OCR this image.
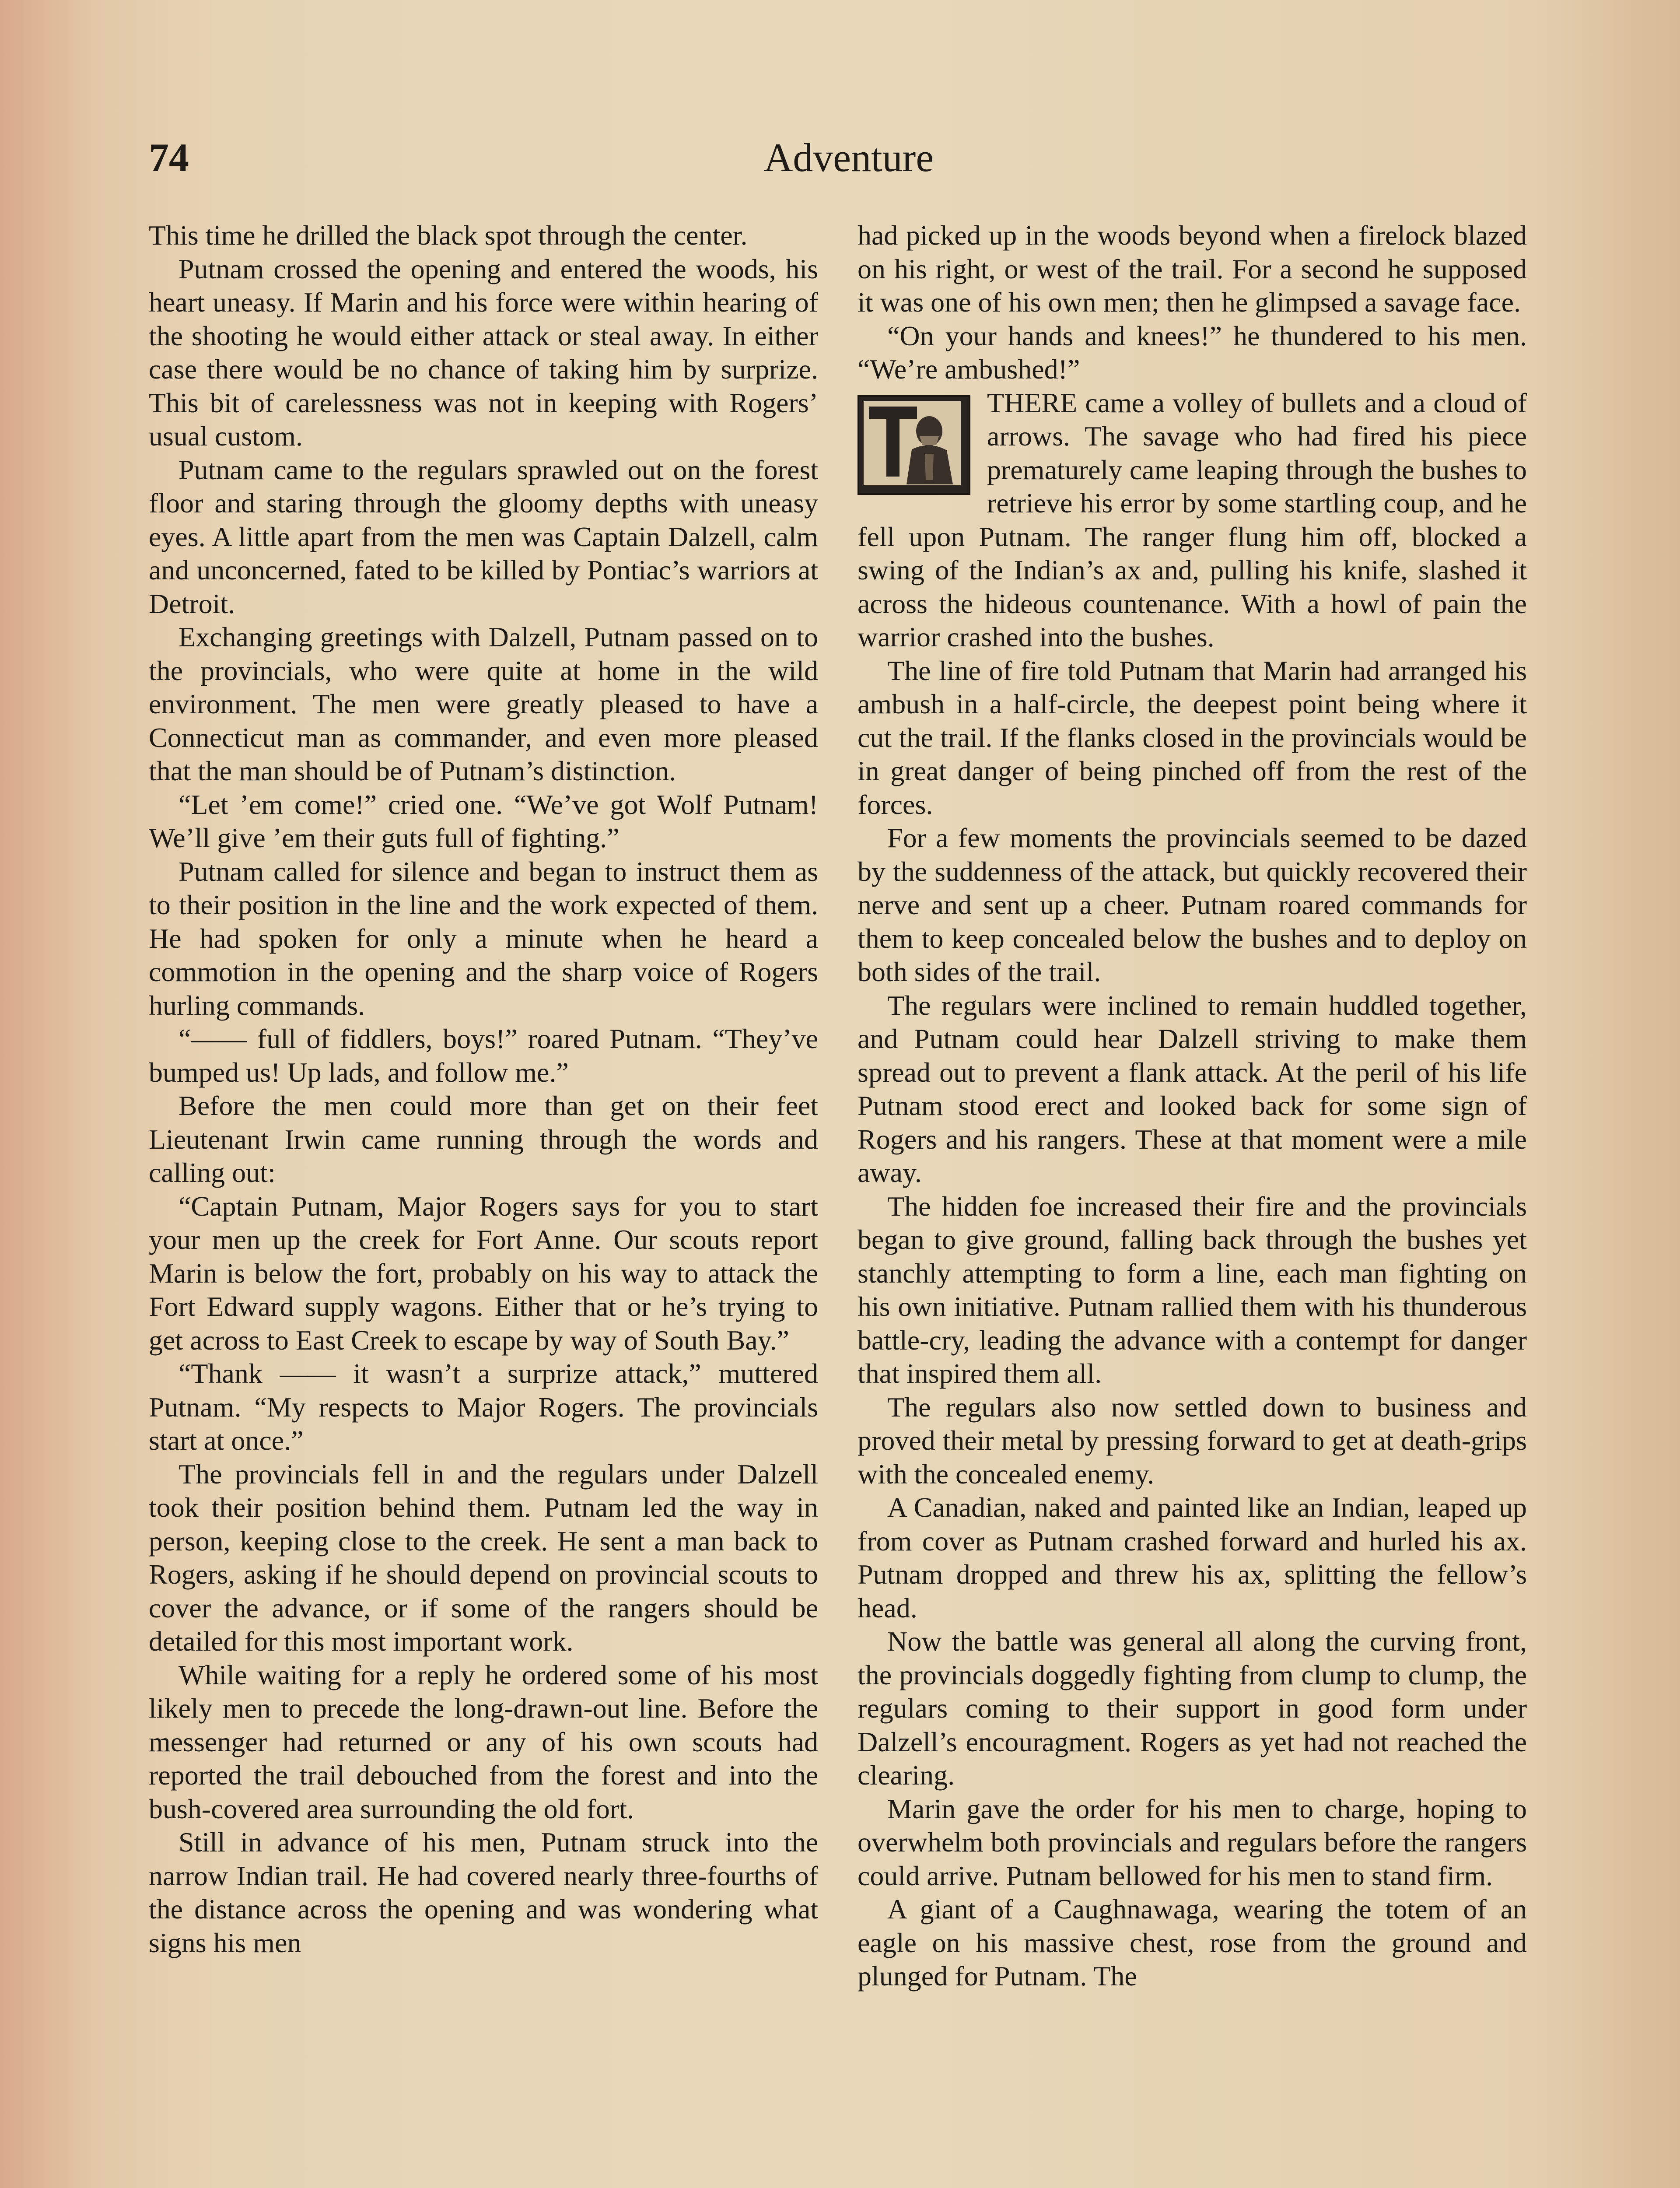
74	Adventure

This time he drilled the black spot through the center.

Putnam crossed the opening and entered the woods, his heart uneasy. If Marin and his force were within hearing of the shooting he would either attack or steal away. In either case there would be no chance of taking him by surprize. This bit of carelessness was not in keeping with Rogers’ usual custom.

Putnam came to the regulars sprawled out on the forest floor and staring through the gloomy depths with uneasy eyes. A little apart from the men was Captain Dalzell, calm and unconcerned, fated to be killed by Pontiac’s warriors at Detroit.

Exchanging greetings with Dalzell, Putnam passed on to the provincials, who were quite at home in the wild environment. The men were greatly pleased to have a Connecticut man as commander, and even more pleased that the man should be of Putnam’s distinction.

“Let ’em come!” cried one. “We’ve got Wolf Putnam! We’ll give ’em their guts full of fighting.”

Putnam called for silence and began to instruct them as to their position in the line and the work expected of them. He had spoken for only a minute when he heard a commotion in the opening and the sharp voice of Rogers hurling commands.

“—— full of fiddlers, boys!” roared Putnam. “They’ve bumped us! Up lads, and follow me.”

Before the men could more than get on their feet Lieutenant Irwin came running through the words and calling out:

“Captain Putnam, Major Rogers says for you to start your men up the creek for Fort Anne. Our scouts report Marin is below the fort, probably on his way to attack the Fort Edward supply wagons. Either that or he’s trying to get across to East Creek to escape by way of South Bay.”

“Thank —— it wasn’t a surprize attack,” muttered Putnam. “My respects to Major Rogers. The provincials start at once.”

The provincials fell in and the regulars under Dalzell took their position behind them. Putnam led the way in person, keeping close to the creek. He sent a man back to Rogers, asking if he should depend on provincial scouts to cover the advance, or if some of the rangers should be detailed for this most important work.

While waiting for a reply he ordered some of his most likely men to precede the long-drawn-out line. Before the messenger had returned or any of his own scouts had reported the trail debouched from the forest and into the bush-covered area surrounding the old fort.

Still in advance of his men, Putnam struck into the narrow Indian trail. He had covered nearly three-fourths of the distance across the opening and was wondering what signs his men

had picked up in the woods beyond when a firelock blazed on his right, or west of the trail. For a second he supposed it was one of his own men; then he glimpsed a savage face.

“On your hands and knees!” he thundered to his men. “We’re ambushed!”

THERE came a volley of bullets and a cloud of arrows. The savage who had fired his piece prematurely came leaping through the bushes to retrieve his error by some startling coup, and he fell upon Putnam. The ranger flung him off, blocked a swing of the Indian’s ax and, pulling his knife, slashed it across the hideous countenance. With a howl of pain the warrior crashed into the bushes.

The line of fire told Putnam that Marin had arranged his ambush in a half-circle, the deepest point being where it cut the trail. If the flanks closed in the provincials would be in great danger of being pinched off from the rest of the forces.

For a few moments the provincials seemed to be dazed by the suddenness of the attack, but quickly recovered their nerve and sent up a cheer. Putnam roared commands for them to keep concealed below the bushes and to deploy on both sides of the trail.

The regulars were inclined to remain huddled together, and Putnam could hear Dalzell striving to make them spread out to prevent a flank attack. At the peril of his life Putnam stood erect and looked back for some sign of Rogers and his rangers. These at that moment were a mile away.

The hidden foe increased their fire and the provincials began to give ground, falling back through the bushes yet stanchly attempting to form a line, each man fighting on his own initiative. Putnam rallied them with his thunderous battle-cry, leading the advance with a contempt for danger that inspired them all.

The regulars also now settled down to business and proved their metal by pressing forward to get at death-grips with the concealed enemy.

A Canadian, naked and painted like an Indian, leaped up from cover as Putnam crashed forward and hurled his ax. Putnam dropped and threw his ax, splitting the fellow’s head.

Now the battle was general all along the curving front, the provincials doggedly fighting from clump to clump, the regulars coming to their support in good form under Dalzell’s encouragment. Rogers as yet had not reached the clearing.

Marin gave the order for his men to charge, hoping to overwhelm both provincials and regulars before the rangers could arrive. Putnam bellowed for his men to stand firm.

A giant of a Caughnawaga, wearing the totem of an eagle on his massive chest, rose from the ground and plunged for Putnam. The
